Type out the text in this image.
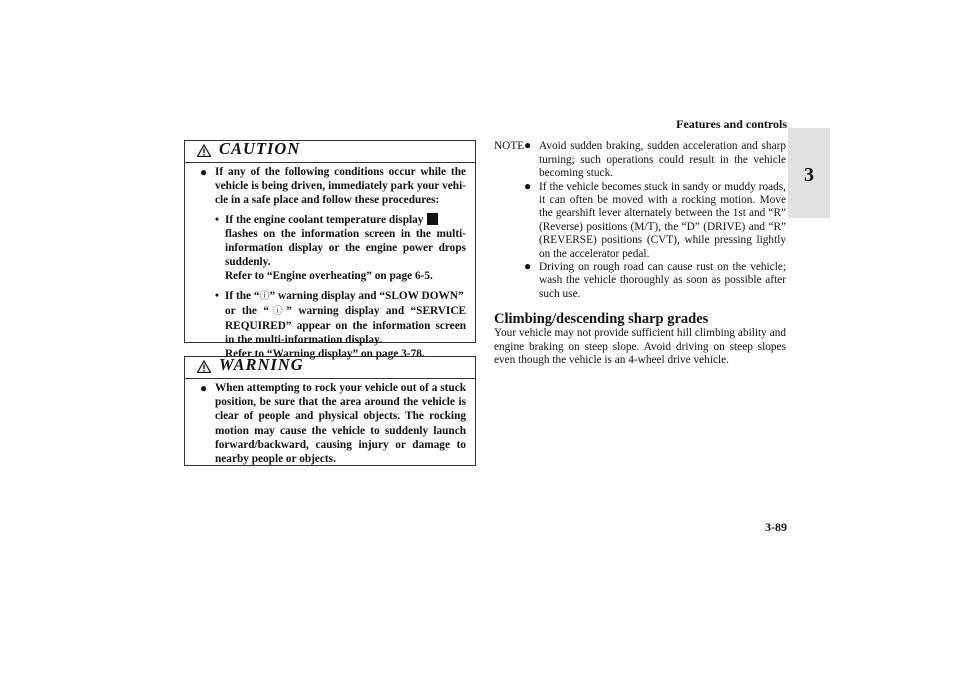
Features and controls
3
CAUTION

● If any of the following conditions occur while the vehicle is being driven, immediately park your vehi-cle in a safe place and follow these procedures:

• If the engine coolant temperature display
flashes on the information screen in the multi-information display or the engine power drops suddenly.
Refer to “Engine overheating” on page 6-5.
• If the “ⓘ” warning display and “SLOW DOWN”
or the “ⓘ” warning display and “SERVICE REQUIRED” appear on the information screen in the multi-information display.
Refer to “Warning display” on page 3-78.
WARNING

● When attempting to rock your vehicle out of a stuck position, be sure that the area around the vehicle is clear of people and physical objects. The rocking motion may cause the vehicle to suddenly launch forward/backward, causing injury or damage to nearby people or objects.

NOTE
●	Avoid sudden braking, sudden acceleration and sharp turning; such operations could result in the vehicle becoming stuck.
● If the vehicle becomes stuck in sandy or muddy roads, it can often be moved with a rocking motion. Move the gearshift lever alternately between the 1st and “R” (Reverse) positions (M/T), the “D” (DRIVE) and “R” (REVERSE) positions (CVT), while pressing lightly on the accelerator pedal.
● Driving on rough road can cause rust on the vehicle; wash the vehicle thoroughly as soon as possible after such use.
Climbing/descending sharp grades

Your vehicle may not provide sufficient hill climbing ability and engine braking on steep slope. Avoid driving on steep slopes even though the vehicle is an 4-wheel drive vehicle.

3-89
